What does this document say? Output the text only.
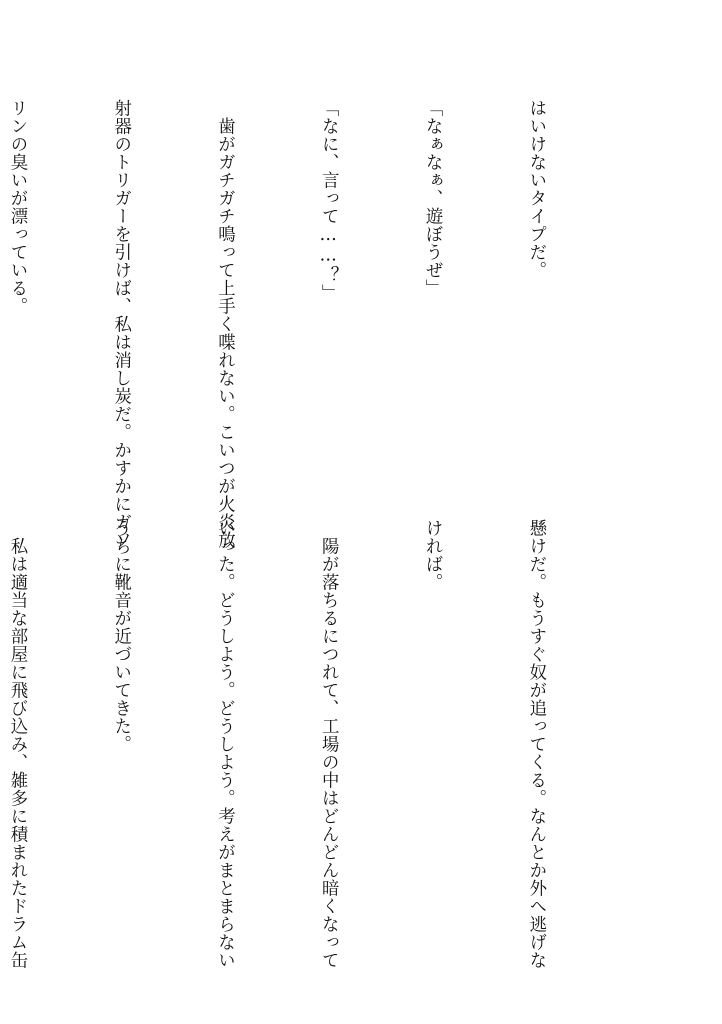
はいけないタイプだ。

「なぁなぁ、遊ぼうぜ」

「なに、言って……？」

　歯がガチガチ鳴って上手く喋れない。こいつが火炎放

射器のトリガーを引けば、私は消し炭だ。かすかにガソ

リンの臭いが漂っている。

懸けだ。もうすぐ奴が追ってくる。なんとか外へ逃げな

ければ。

　陽が落ちるにつれて、工場の中はどんどん暗くなって

いった。どうしよう。どうしよう。考えがまとまらない

うちに靴音が近づいてきた。

　私は適当な部屋に飛び込み、雑多に積まれたドラム缶
